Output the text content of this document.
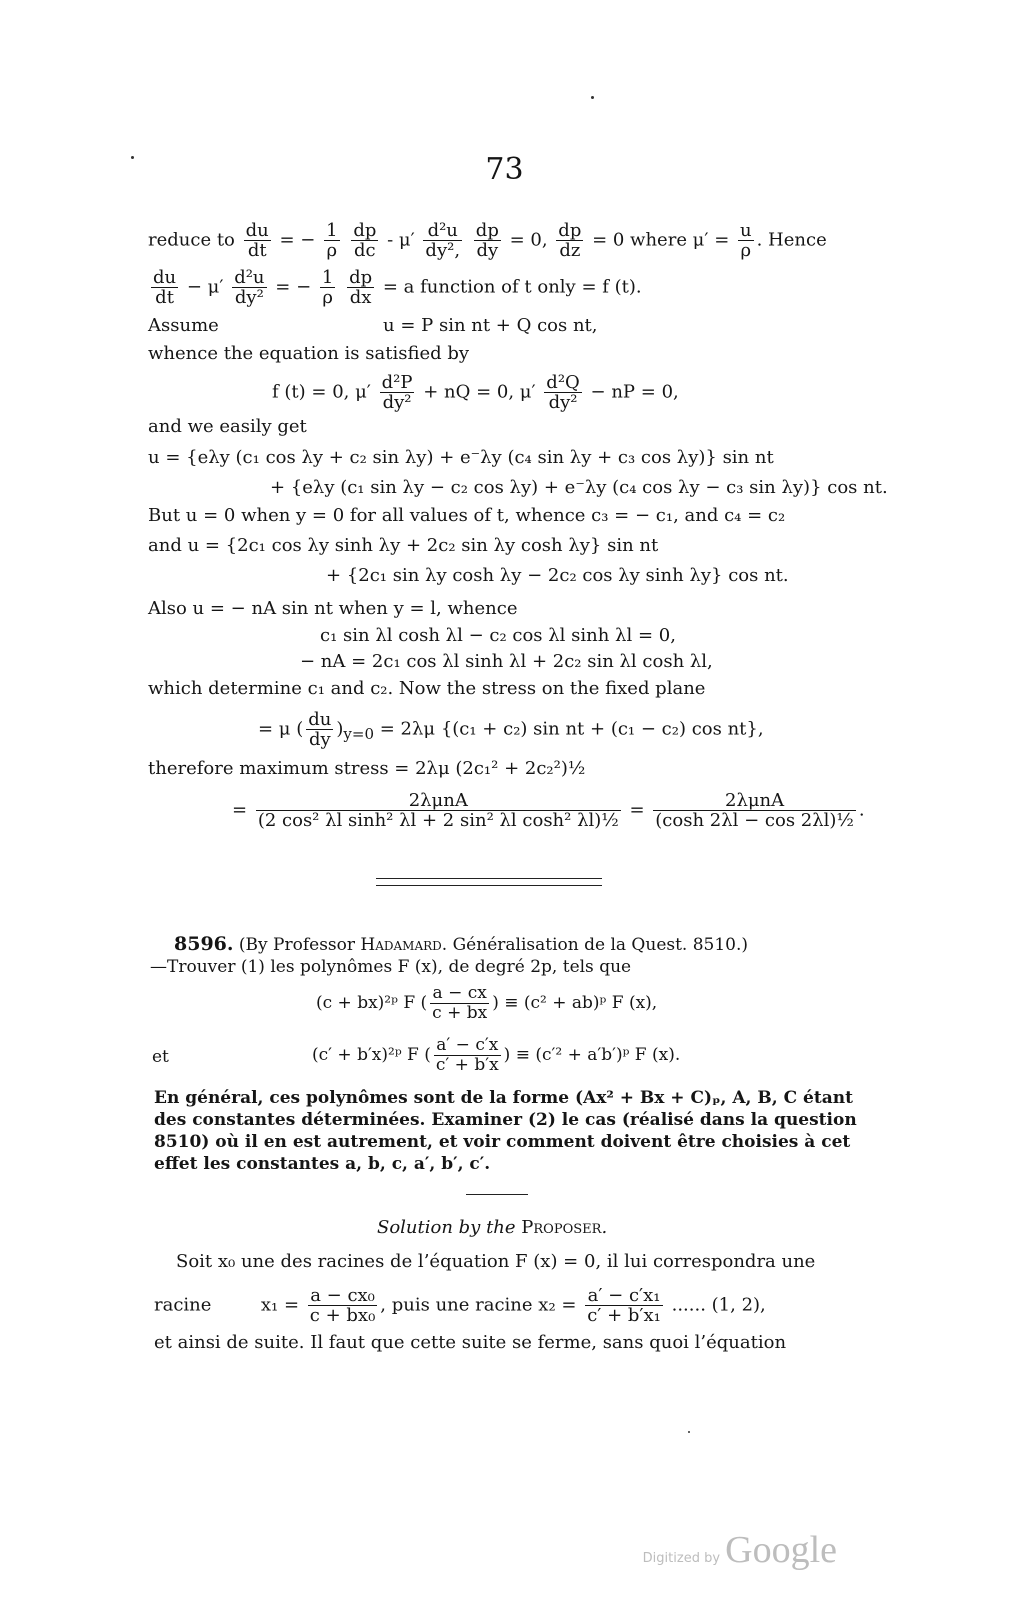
73
reduce to $\frac{du}{dt}$ = − $\frac{1}{\rho}$
$\frac{dp}{dc} - \mu' \frac{\text{d²u}}{\text{dy²,}}$
$\frac{dp}{dy} = 0$, $\frac{dp}{dz} = 0$ where $\mu' = \frac{u}{\rho}$ . Hence
$\frac{du}{dt} - \mu' \frac{\text{d²u}}{\text{dy²}}$ = − $\frac{1}{\rho}$
$\frac{dp}{dx} = a$ function of t only = f (t).
Assume	u = P sin nt + Q cos nt,
whence the equation is satisfied by
f (t) = 0, $\mu' \frac{\text{d²P}}{\text{dy²}}$ + nQ = 0, $\mu' \frac{\text{d²Q}}{\text{dy²}}$ − nP = 0,
and we easily get
u = {eλy (c₁ cos λy + c₂ sin λy) + e⁻λy (c₄ sin λy + c₃ cos λy)} sin nt
+ {eλy (c₁ sin λy − c₂ cos λy) + e⁻λy (c₄ cos λy − c₃ sin λy)} cos nt.
But u = 0 when y = 0 for all values of t, whence c₃ = − c₁, and c₄ = c₂
and u = {2c₁ cos λy sinh λy + 2c₂ sin λy cosh λy} sin nt
+ {2c₁ sin λy cosh λy − 2c₂ cos λy sinh λy} cos nt.
Also u = − nA sin nt when y = l, whence
c₁ sin λl cosh λl − c₂ cos λl sinh λl = 0,
− nA = 2c₁ cos λl sinh λl + 2c₂ sin λl cosh λl,
which determine c₁ and c₂. Now the stress on the fixed plane
= μ ( $\frac{du}{dy} )_{y=0} = 2\lambda\mu$ {(c₁ + c₂) sin nt + (c₁ − c₂) cos nt},
therefore maximum stress = 2λμ (2c₁² + 2c₂²)½
= $\frac{\text{2λμnA}}{\text{(2 cos² λl sinh² λl + 2 sin² λl cosh² λl)½}} = \frac{\text{2λμnA}}{\text{(cosh 2λl − cos 2λl)½}}$ .
8596. (By Professor Hadamard. Généralisation de la Quest. 8510.)
—Trouver (1) les polynômes F (x), de degré 2p, tels que
(c + bx)²ᵖ F ( $\frac{a - cx}{c + bx}$ ) ≡ (c² + ab)ᵖ F (x),
et	(c′ + b′x)²ᵖ F ( $\frac{a' - c'x}{c' + b'x}$ ) ≡ (c′² + a′b′)ᵖ F (x).
En général, ces polynômes sont de la forme (Ax² + Bx + C)ₚ, A, B, C étant
des constantes déterminées. Examiner (2) le cas (réalisé dans la question
8510) où il en est autrement, et voir comment doivent être choisies à cet
effet les constantes a, b, c, a′, b′, c′.
Solution by the Proposer.
Soit x₀ une des racines de l’équation F (x) = 0, il lui correspondra une
racine	$x_1 = \frac{\text{a − cx₀}}{\text{c + bx₀}}$ , puis une racine $x_2 = \frac{\text{a′ − c′x₁}}{\text{c′ + b′x₁}}$ ...... (1, 2),
et ainsi de suite. Il faut que cette suite se ferme, sans quoi l’équation
Digitized by Google
